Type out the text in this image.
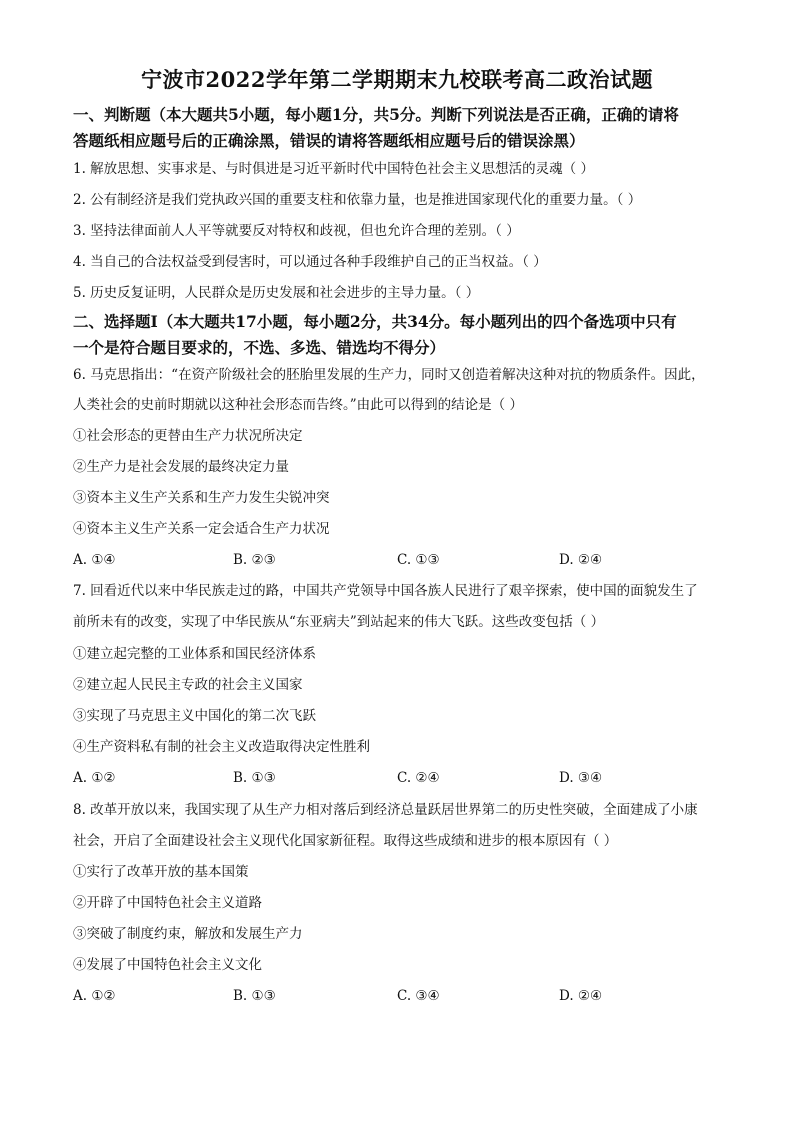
宁波市2022学年第二学期期末九校联考高二政治试题
一、判断题（本大题共5小题，每小题1分，共5分。判断下列说法是否正确，正确的请将
答题纸相应题号后的正确涂黑，错误的请将答题纸相应题号后的错误涂黑）
1. 解放思想、实事求是、与时俱进是习近平新时代中国特色社会主义思想活的灵魂（ ）
2. 公有制经济是我们党执政兴国的重要支柱和依靠力量，也是推进国家现代化的重要力量。（ ）
3. 坚持法律面前人人平等就要反对特权和歧视，但也允许合理的差别。（ ）
4. 当自己的合法权益受到侵害时，可以通过各种手段维护自己的正当权益。（ ）
5. 历史反复证明，人民群众是历史发展和社会进步的主导力量。（ ）
二、选择题Ⅰ（本大题共17小题，每小题2分，共34分。每小题列出的四个备选项中只有
一个是符合题目要求的，不选、多选、错选均不得分）
6. 马克思指出：“在资产阶级社会的胚胎里发展的生产力，同时又创造着解决这种对抗的物质条件。因此，
人类社会的史前时期就以这种社会形态而告终。”由此可以得到的结论是（ ）
①社会形态的更替由生产力状况所决定
②生产力是社会发展的最终决定力量
③资本主义生产关系和生产力发生尖锐冲突
④资本主义生产关系一定会适合生产力状况
A. ①④	B. ②③	C. ①③	D. ②④
7. 回看近代以来中华民族走过的路，中国共产党领导中国各族人民进行了艰辛探索，使中国的面貌发生了
前所未有的改变，实现了中华民族从“东亚病夫”到站起来的伟大飞跃。这些改变包括（ ）
①建立起完整的工业体系和国民经济体系
②建立起人民民主专政的社会主义国家
③实现了马克思主义中国化的第二次飞跃
④生产资料私有制的社会主义改造取得决定性胜利
A. ①②	B. ①③	C. ②④	D. ③④
8. 改革开放以来，我国实现了从生产力相对落后到经济总量跃居世界第二的历史性突破，全面建成了小康
社会，开启了全面建设社会主义现代化国家新征程。取得这些成绩和进步的根本原因有（ ）
①实行了改革开放的基本国策
②开辟了中国特色社会主义道路
③突破了制度约束，解放和发展生产力
④发展了中国特色社会主义文化
A. ①②	B. ①③	C. ③④	D. ②④
